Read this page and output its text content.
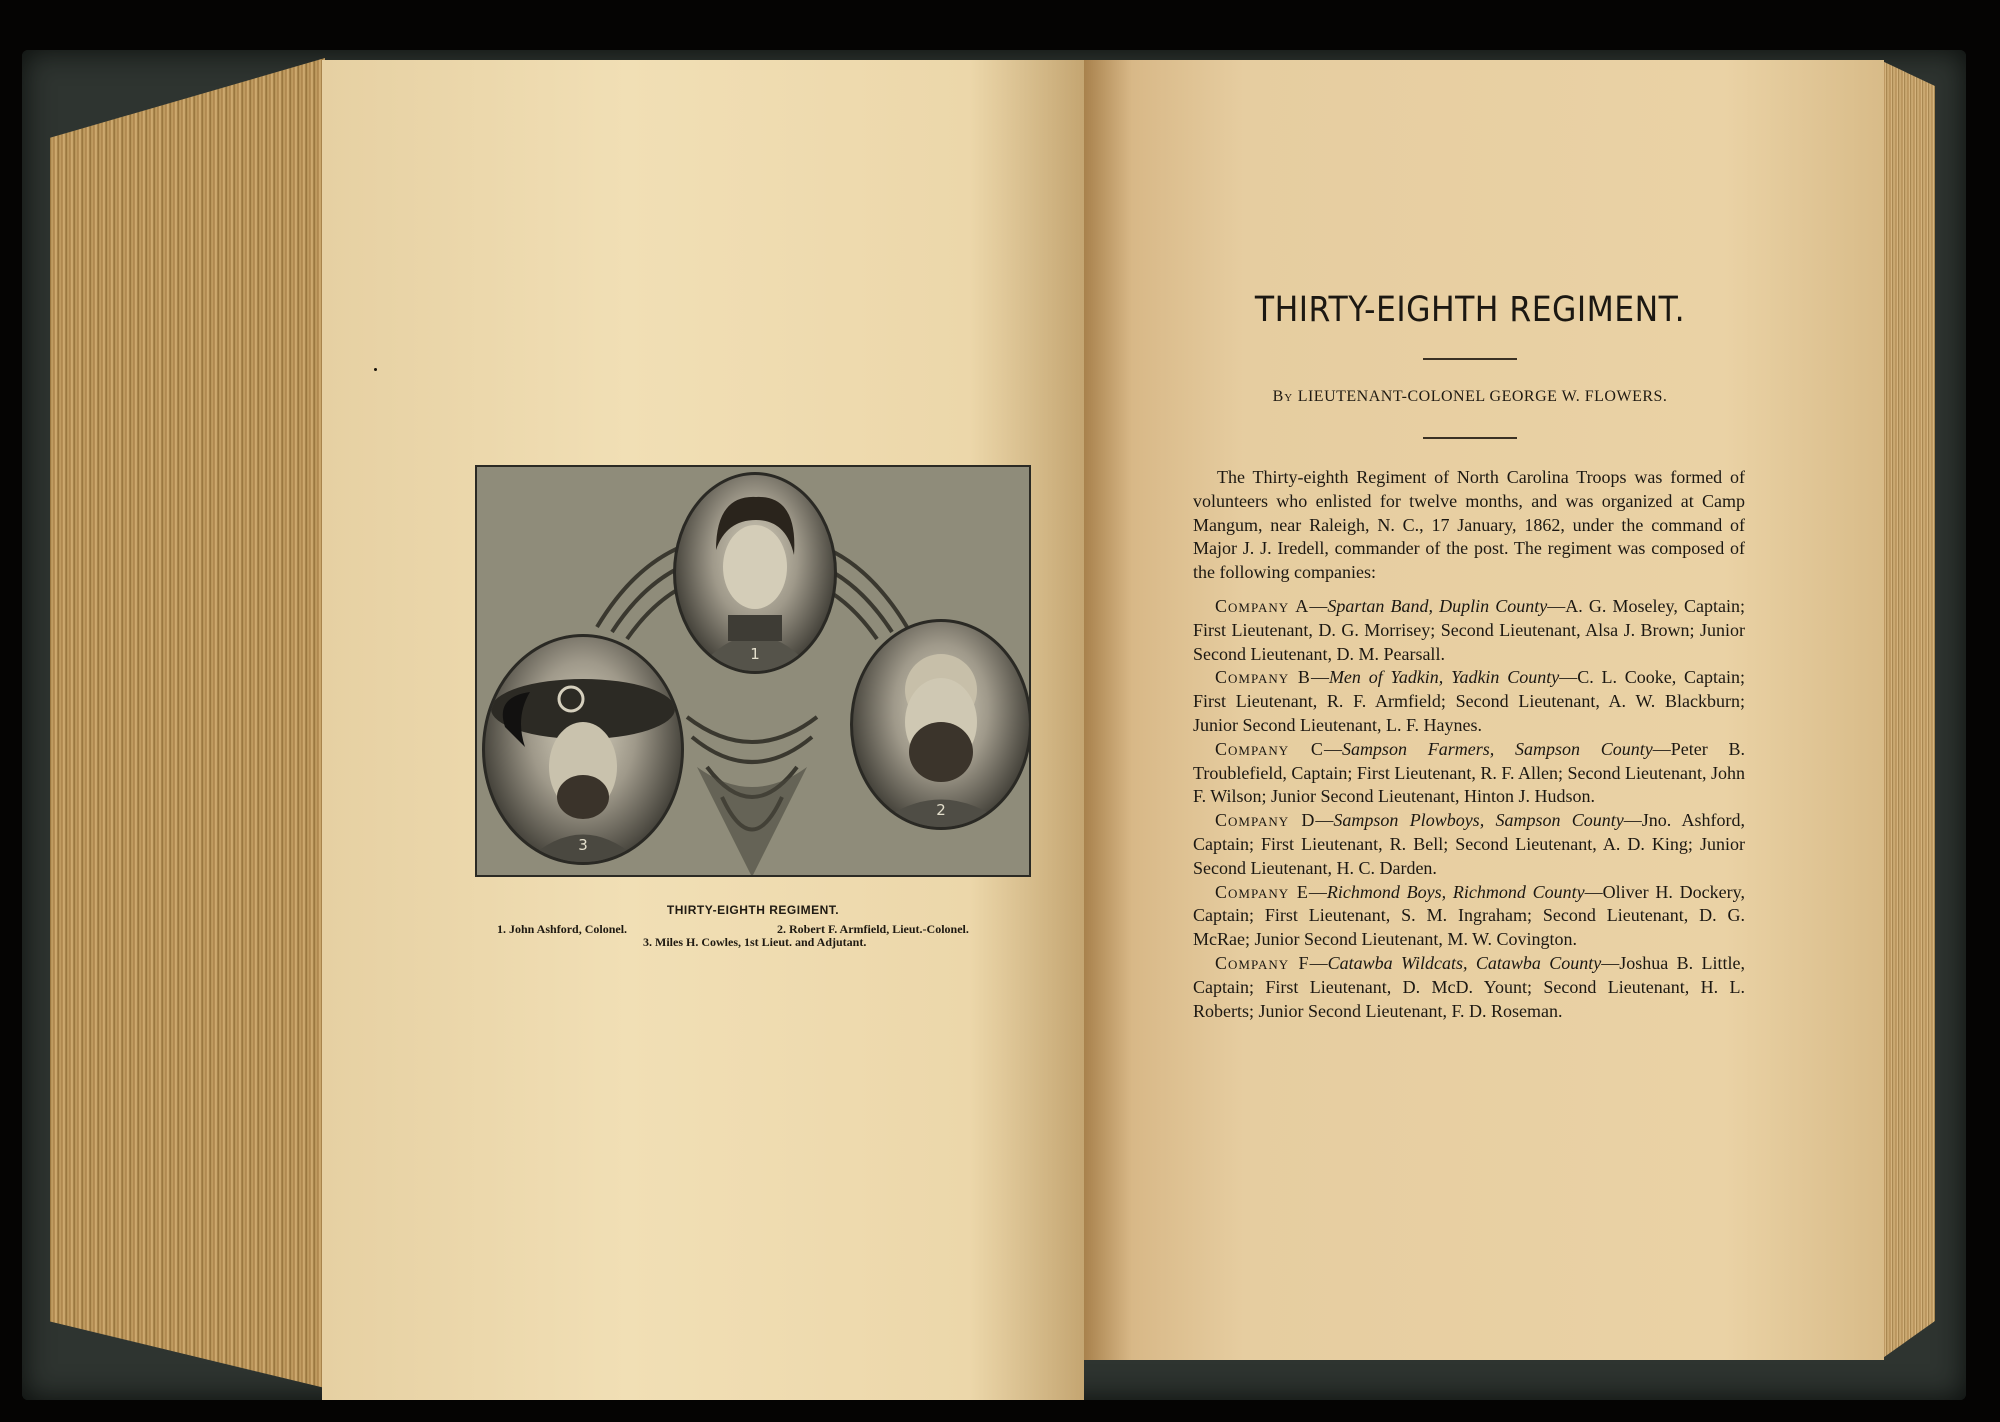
3
1
2
THIRTY-EIGHTH REGIMENT.
1. John Ashford, Colonel.	2. Robert F. Armfield, Lieut.-Colonel.
3. Miles H. Cowles, 1st Lieut. and Adjutant.
THIRTY-EIGHTH REGIMENT.
By LIEUTENANT-COLONEL GEORGE W. FLOWERS.

The Thirty-eighth Regiment of North Carolina Troops was formed of volunteers who enlisted for twelve months, and was organized at Camp Mangum, near Raleigh, N. C., 17 January, 1862, under the command of Major J. J. Iredell, commander of the post. The regiment was composed of the following companies:

Company A—Spartan Band, Duplin County—A. G. Moseley, Captain; First Lieutenant, D. G. Morrisey; Second Lieutenant, Alsa J. Brown; Junior Second Lieutenant, D. M. Pearsall.

Company B—Men of Yadkin, Yadkin County—C. L. Cooke, Captain; First Lieutenant, R. F. Armfield; Second Lieutenant, A. W. Blackburn; Junior Second Lieutenant, L. F. Haynes.

Company C—Sampson Farmers, Sampson County—Peter B. Troublefield, Captain; First Lieutenant, R. F. Allen; Second Lieutenant, John F. Wilson; Junior Second Lieutenant, Hinton J. Hudson.

Company D—Sampson Plowboys, Sampson County—Jno. Ashford, Captain; First Lieutenant, R. Bell; Second Lieutenant, A. D. King; Junior Second Lieutenant, H. C. Darden.

Company E—Richmond Boys, Richmond County—Oliver H. Dockery, Captain; First Lieutenant, S. M. Ingraham; Second Lieutenant, D. G. McRae; Junior Second Lieutenant, M. W. Covington.

Company F—Catawba Wildcats, Catawba County—Joshua B. Little, Captain; First Lieutenant, D. McD. Yount; Second Lieutenant, H. L. Roberts; Junior Second Lieutenant, F. D. Roseman.
